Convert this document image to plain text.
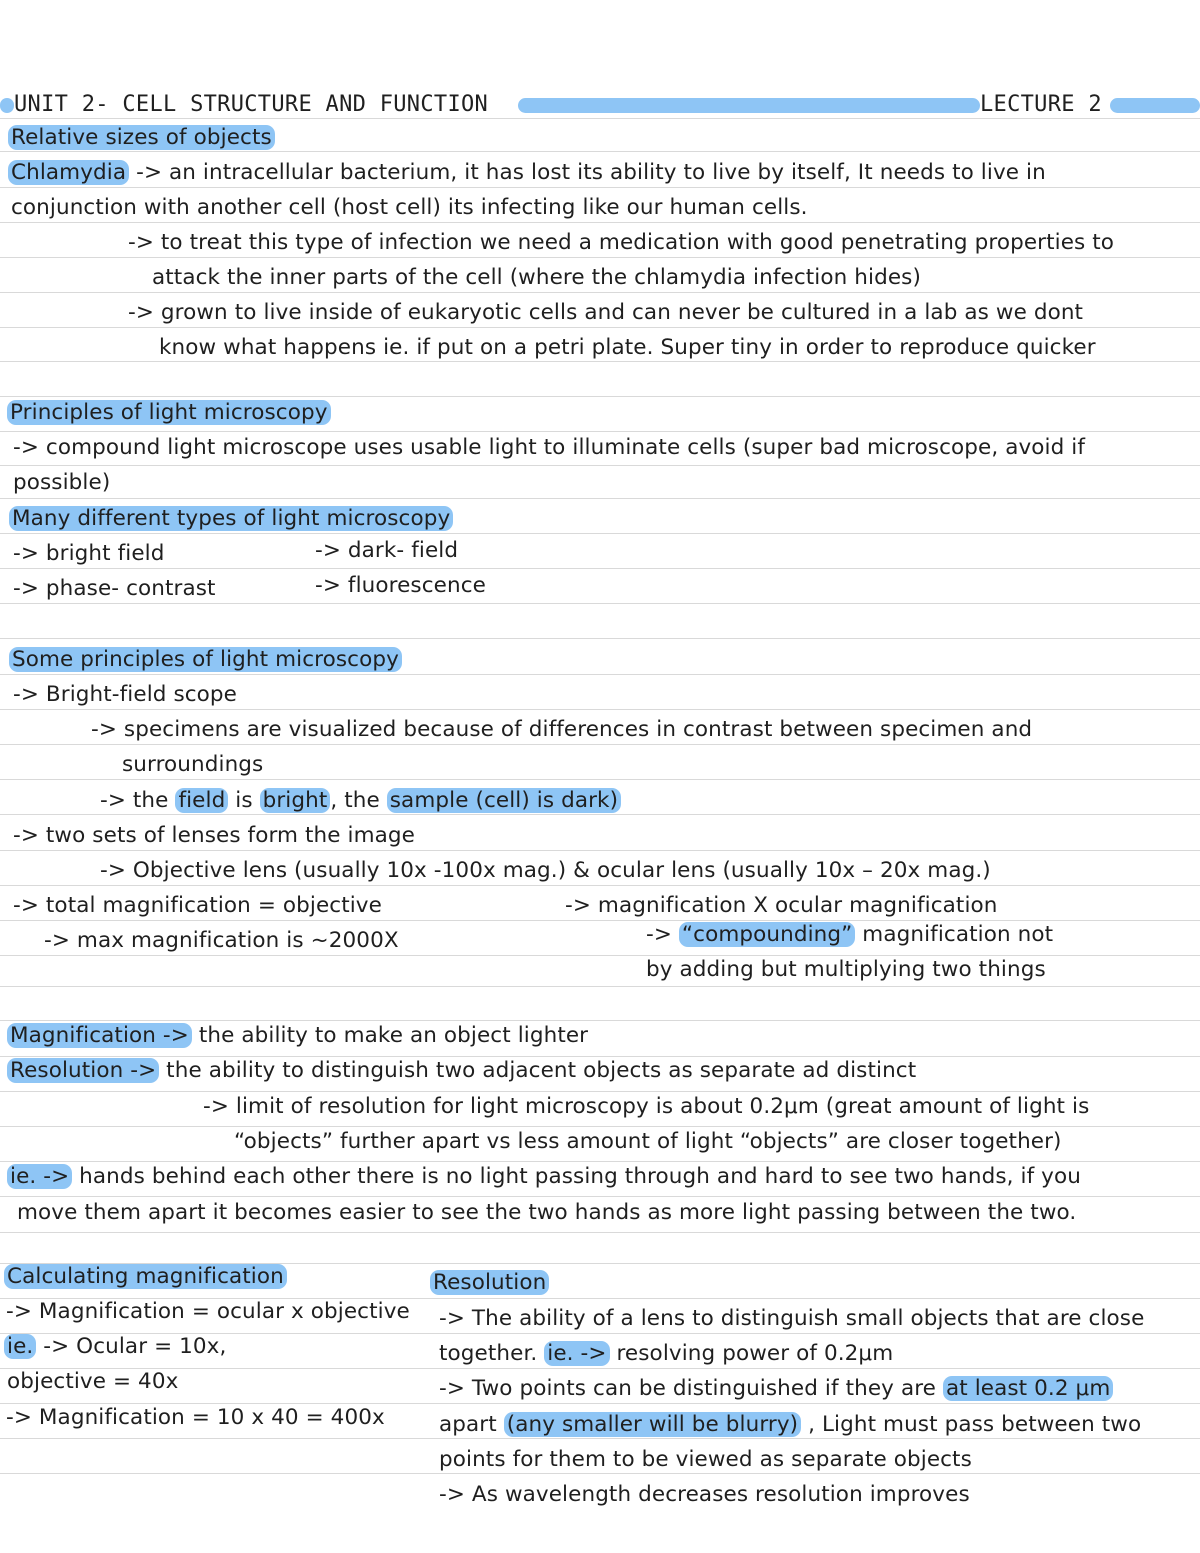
UNIT 2- CELL STRUCTURE AND FUNCTION	LECTURE 2
Relative sizes of objects
Chlamydia -> an intracellular bacterium, it has lost its ability to live by itself, It needs to live in
conjunction with another cell (host cell) its infecting like our human cells.
-> to treat this type of infection we need a medication with good penetrating properties to
attack the inner parts of the cell (where the chlamydia infection hides)
-> grown to live inside of eukaryotic cells and can never be cultured in a lab as we dont
know what happens ie. if put on a petri plate. Super tiny in order to reproduce quicker
Principles of light microscopy
-> compound light microscope uses usable light to illuminate cells (super bad microscope, avoid if
possible)
Many different types of light microscopy
-> bright field	-> dark- field
-> phase- contrast	-> fluorescence
Some principles of light microscopy
-> Bright-field scope
-> specimens are visualized because of differences in contrast between specimen and
surroundings
-> the field is bright , the sample (cell) is dark)
-> two sets of lenses form the image
-> Objective lens (usually 10x -100x mag.) & ocular lens (usually 10x – 20x mag.)
-> total magnification = objective	-> magnification X ocular magnification
-> max magnification is ~2000X	-> “compounding” magnification not
by adding but multiplying two things
Magnification -> the ability to make an object lighter
Resolution -> the ability to distinguish two adjacent objects as separate ad distinct
-> limit of resolution for light microscopy is about 0.2μm (great amount of light is
“objects” further apart vs less amount of light “objects” are closer together)
ie. -> hands behind each other there is no light passing through and hard to see two hands, if you
move them apart it becomes easier to see the two hands as more light passing between the two.
Calculating magnification
-> Magnification = ocular x objective
ie. -> Ocular = 10x,
objective = 40x
-> Magnification = 10 x 40 = 400x
Resolution
-> The ability of a lens to distinguish small objects that are close
together. ie. -> resolving power of 0.2μm
-> Two points can be distinguished if they are at least 0.2 μm
apart (any smaller will be blurry) , Light must pass between two
points for them to be viewed as separate objects
-> As wavelength decreases resolution improves
